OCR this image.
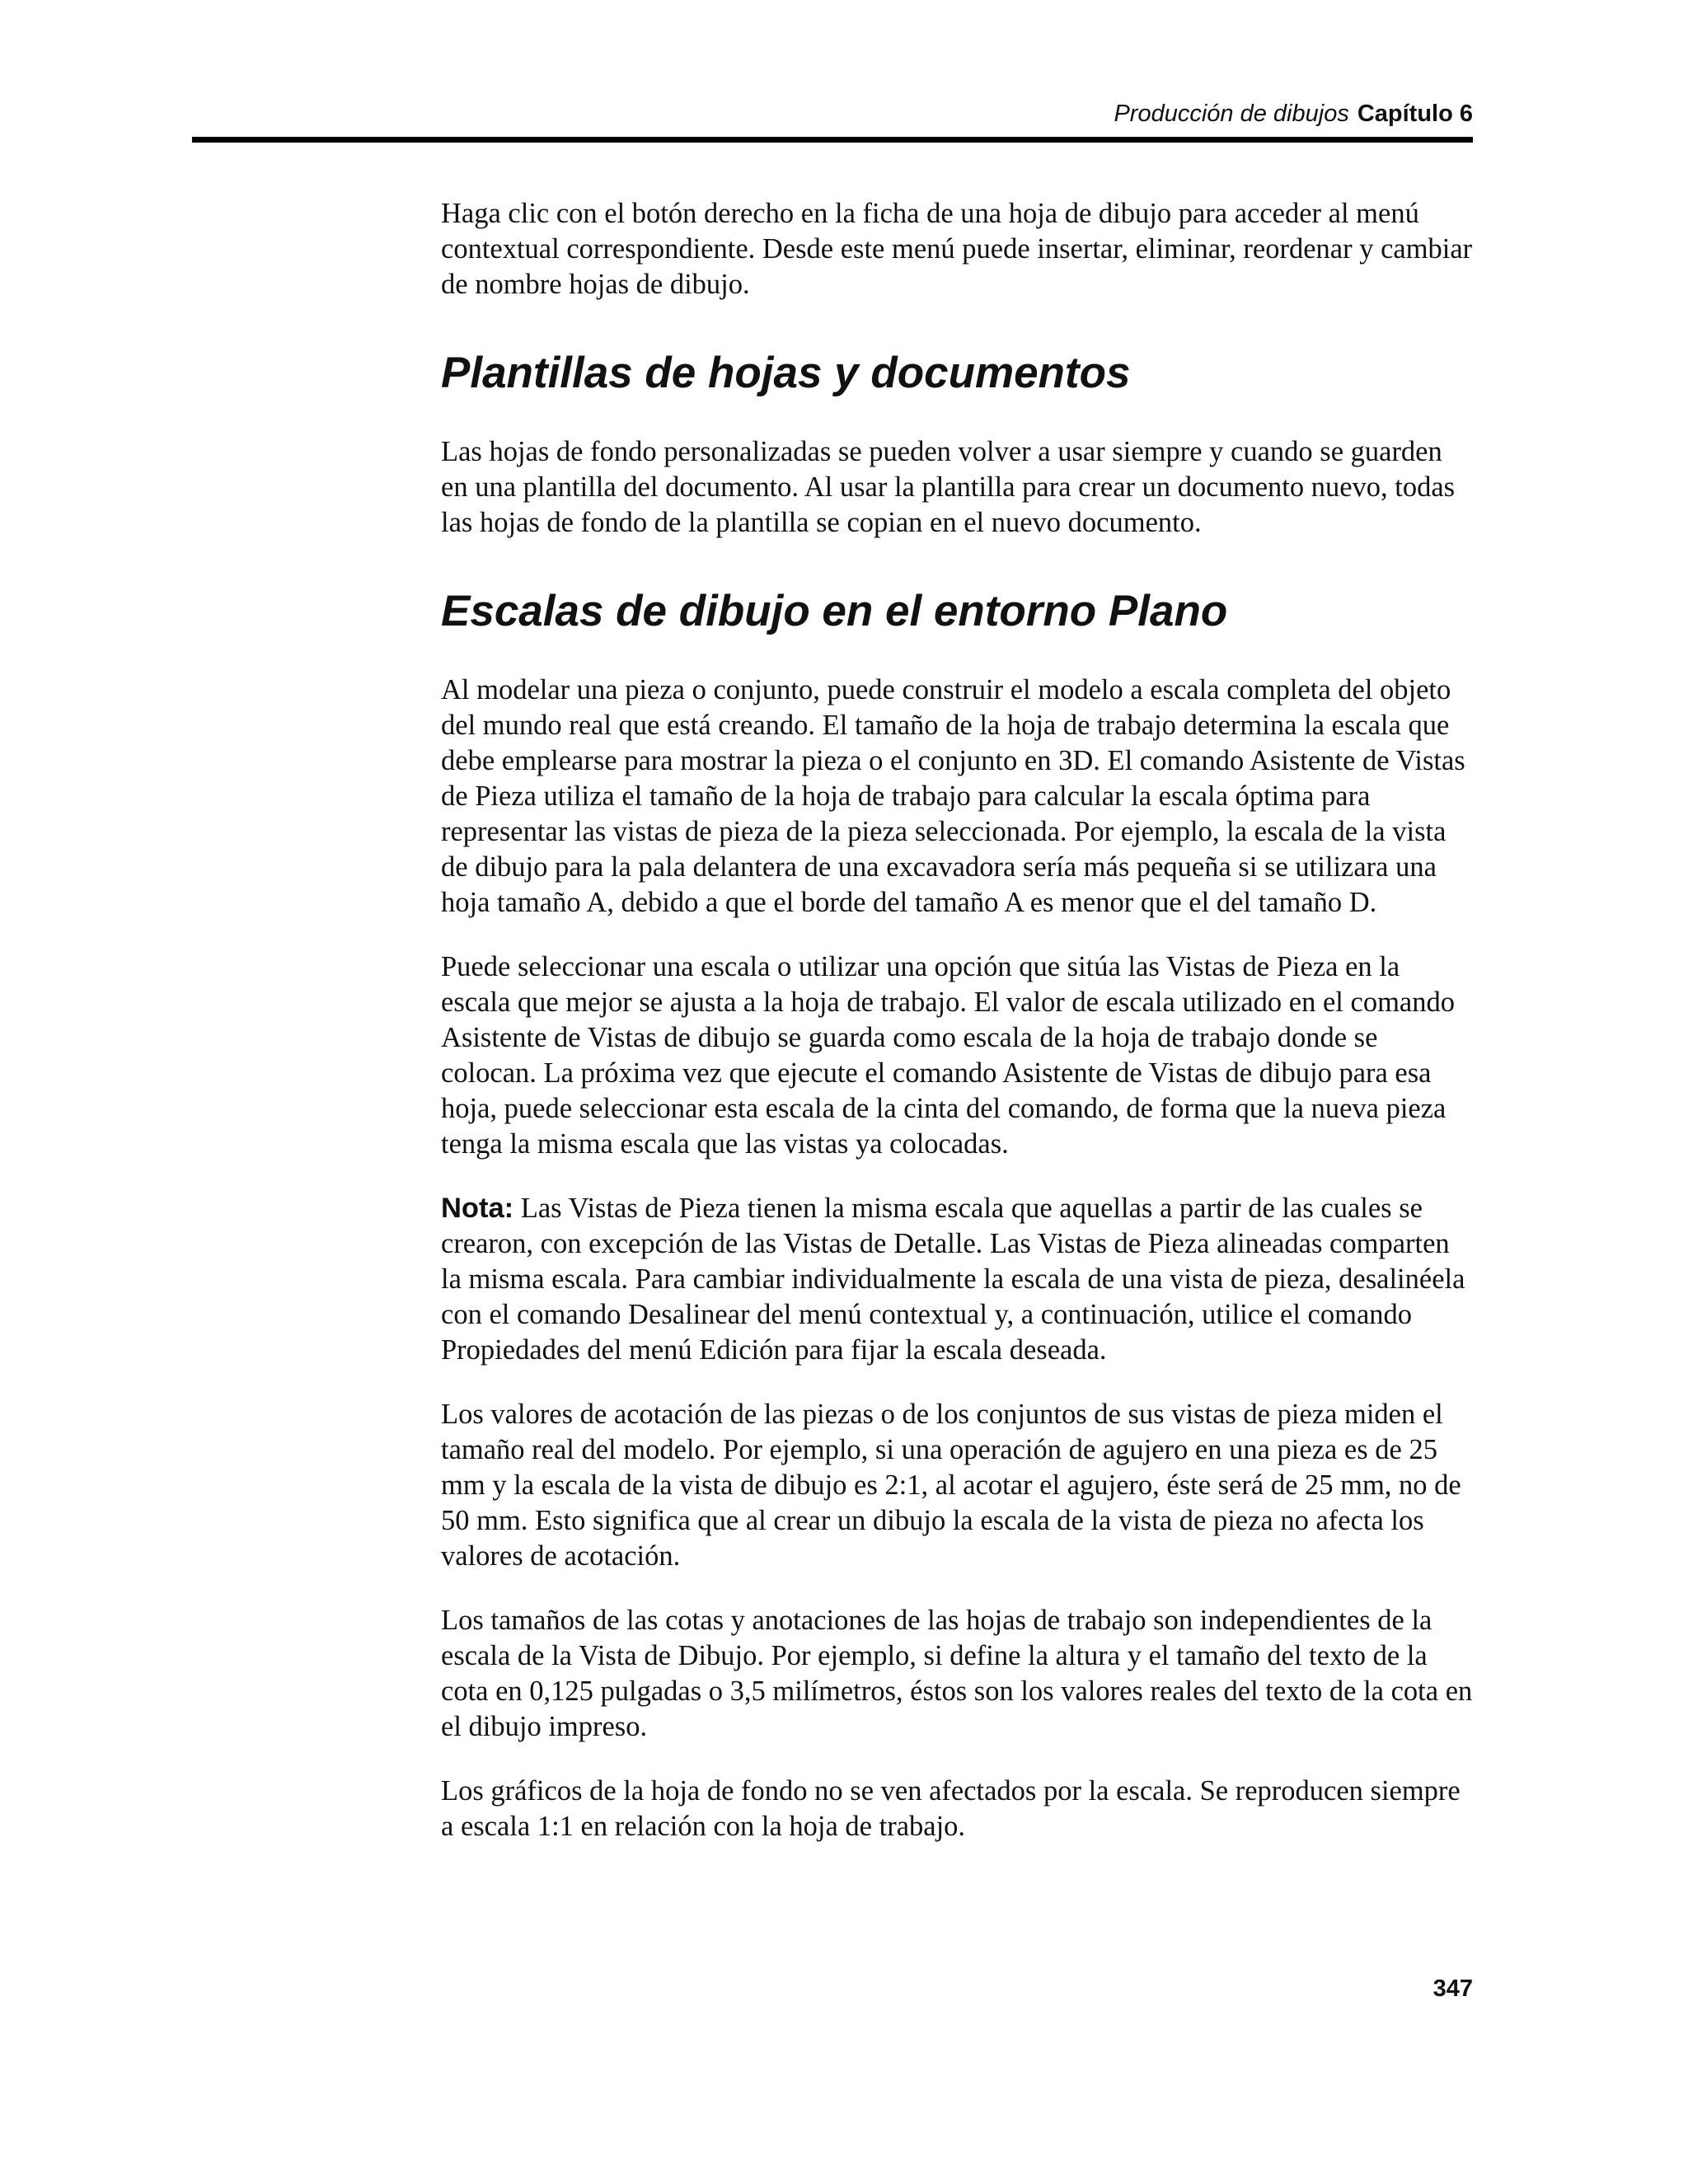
Producción de dibujos Capítulo 6

Haga clic con el botón derecho en la ficha de una hoja de dibujo para acceder al menú contextual correspondiente. Desde este menú puede insertar, eliminar, reordenar y cambiar de nombre hojas de dibujo.

Plantillas de hojas y documentos

Las hojas de fondo personalizadas se pueden volver a usar siempre y cuando se guarden en una plantilla del documento. Al usar la plantilla para crear un documento nuevo, todas las hojas de fondo de la plantilla se copian en el nuevo documento.

Escalas de dibujo en el entorno Plano

Al modelar una pieza o conjunto, puede construir el modelo a escala completa del objeto del mundo real que está creando. El tamaño de la hoja de trabajo determina la escala que debe emplearse para mostrar la pieza o el conjunto en 3D. El comando Asistente de Vistas de Pieza utiliza el tamaño de la hoja de trabajo para calcular la escala óptima para representar las vistas de pieza de la pieza seleccionada. Por ejemplo, la escala de la vista de dibujo para la pala delantera de una excavadora sería más pequeña si se utilizara una hoja tamaño A, debido a que el borde del tamaño A es menor que el del tamaño D.

Puede seleccionar una escala o utilizar una opción que sitúa las Vistas de Pieza en la escala que mejor se ajusta a la hoja de trabajo. El valor de escala utilizado en el comando Asistente de Vistas de dibujo se guarda como escala de la hoja de trabajo donde se colocan. La próxima vez que ejecute el comando Asistente de Vistas de dibujo para esa hoja, puede seleccionar esta escala de la cinta del comando, de forma que la nueva pieza tenga la misma escala que las vistas ya colocadas.

Nota: Las Vistas de Pieza tienen la misma escala que aquellas a partir de las cuales se crearon, con excepción de las Vistas de Detalle. Las Vistas de Pieza alineadas comparten la misma escala. Para cambiar individualmente la escala de una vista de pieza, desalinéela con el comando Desalinear del menú contextual y, a continuación, utilice el comando Propiedades del menú Edición para fijar la escala deseada.

Los valores de acotación de las piezas o de los conjuntos de sus vistas de pieza miden el tamaño real del modelo. Por ejemplo, si una operación de agujero en una pieza es de 25 mm y la escala de la vista de dibujo es 2:1, al acotar el agujero, éste será de 25 mm, no de 50 mm. Esto significa que al crear un dibujo la escala de la vista de pieza no afecta los valores de acotación.

Los tamaños de las cotas y anotaciones de las hojas de trabajo son independientes de la escala de la Vista de Dibujo. Por ejemplo, si define la altura y el tamaño del texto de la cota en 0,125 pulgadas o 3,5 milímetros, éstos son los valores reales del texto de la cota en el dibujo impreso.

Los gráficos de la hoja de fondo no se ven afectados por la escala. Se reproducen siempre a escala 1:1 en relación con la hoja de trabajo.

347
